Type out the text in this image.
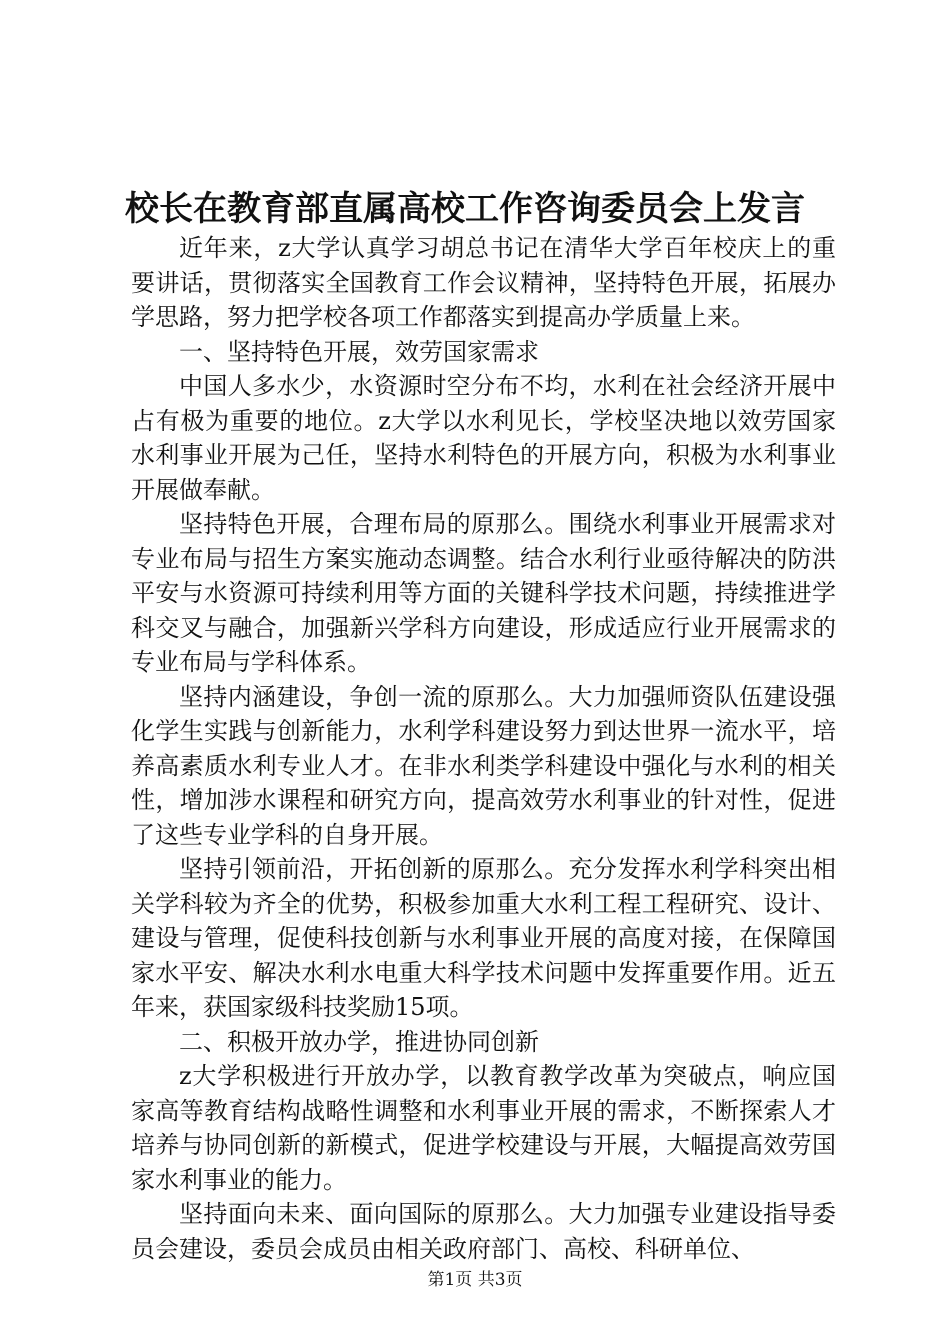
校长在教育部直属高校工作咨询委员会上发言

近年来，z大学认真学习胡总书记在清华大学百年校庆上的重要讲话，贯彻落实全国教育工作会议精神，坚持特色开展，拓展办学思路，努力把学校各项工作都落实到提高办学质量上来。

一、坚持特色开展，效劳国家需求

中国人多水少，水资源时空分布不均，水利在社会经济开展中占有极为重要的地位。z大学以水利见长，学校坚决地以效劳国家水利事业开展为己任，坚持水利特色的开展方向，积极为水利事业开展做奉献。

坚持特色开展，合理布局的原那么。围绕水利事业开展需求对专业布局与招生方案实施动态调整。结合水利行业亟待解决的防洪平安与水资源可持续利用等方面的关键科学技术问题，持续推进学科交叉与融合，加强新兴学科方向建设，形成适应行业开展需求的专业布局与学科体系。

坚持内涵建设，争创一流的原那么。大力加强师资队伍建设强化学生实践与创新能力，水利学科建设努力到达世界一流水平，培养高素质水利专业人才。在非水利类学科建设中强化与水利的相关性，增加涉水课程和研究方向，提高效劳水利事业的针对性，促进了这些专业学科的自身开展。

坚持引领前沿，开拓创新的原那么。充分发挥水利学科突出相关学科较为齐全的优势，积极参加重大水利工程工程研究、设计、建设与管理，促使科技创新与水利事业开展的高度对接，在保障国家水平安、解决水利水电重大科学技术问题中发挥重要作用。近五年来，获国家级科技奖励15项。

二、积极开放办学，推进协同创新

z大学积极进行开放办学，以教育教学改革为突破点，响应国家高等教育结构战略性调整和水利事业开展的需求，不断探索人才培养与协同创新的新模式，促进学校建设与开展，大幅提高效劳国家水利事业的能力。

坚持面向未来、面向国际的原那么。大力加强专业建设指导委员会建设，委员会成员由相关政府部门、高校、科研单位、

第1页 共3页
